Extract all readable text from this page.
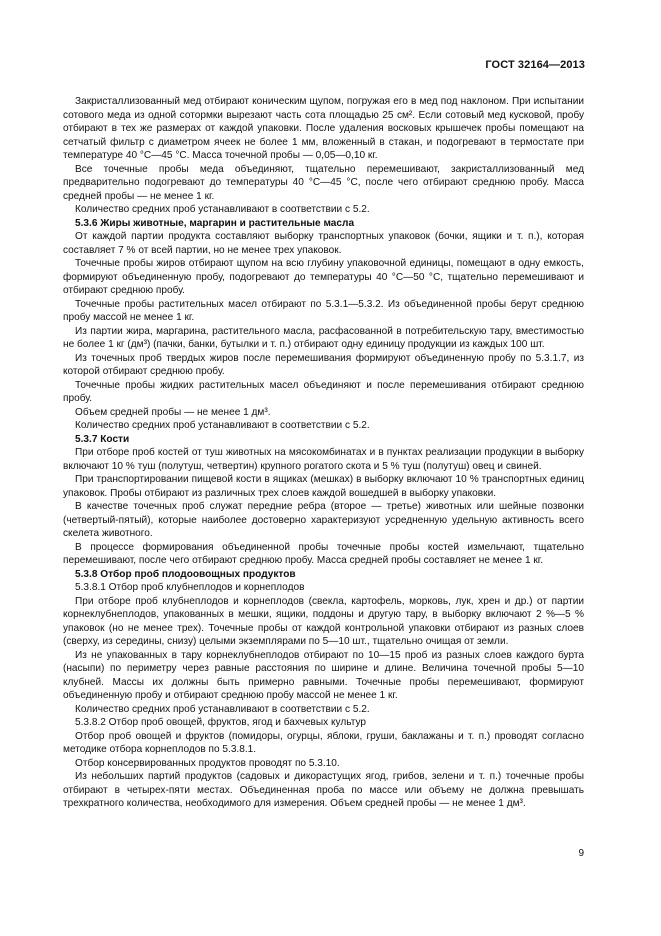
ГОСТ 32164—2013

Закристаллизованный мед отбирают коническим щупом, погружая его в мед под наклоном. При испытании сотового меда из одной сотормки вырезают часть сота площадью 25 см². Если сотовый мед кусковой, пробу отбирают в тех же размерах от каждой упаковки. После удаления восковых крышечек пробы помещают на сетчатый фильтр с диаметром ячеек не более 1 мм, вложенный в стакан, и подогревают в термостате при температуре 40 °С—45 °С. Масса точечной пробы — 0,05—0,10 кг.

Все точечные пробы меда объединяют, тщательно перемешивают, закристаллизованный мед предварительно подогревают до температуры 40 °С—45 °С, после чего отбирают среднюю пробу. Масса средней пробы — не менее 1 кг.

Количество средних проб устанавливают в соответствии с 5.2.

5.3.6 Жиры животные, маргарин и растительные масла

От каждой партии продукта составляют выборку транспортных упаковок (бочки, ящики и т. п.), которая составляет 7 % от всей партии, но не менее трех упаковок.

Точечные пробы жиров отбирают щупом на всю глубину упаковочной единицы, помещают в одну емкость, формируют объединенную пробу, подогревают до температуры 40 °С—50 °С, тщательно перемешивают и отбирают среднюю пробу.

Точечные пробы растительных масел отбирают по 5.3.1—5.3.2. Из объединенной пробы берут среднюю пробу массой не менее 1 кг.

Из партии жира, маргарина, растительного масла, расфасованной в потребительскую тару, вместимостью не более 1 кг (дм³) (пачки, банки, бутылки и т. п.) отбирают одну единицу продукции из каждых 100 шт.

Из точечных проб твердых жиров после перемешивания формируют объединенную пробу по 5.3.1.7, из которой отбирают среднюю пробу.

Точечные пробы жидких растительных масел объединяют и после перемешивания отбирают среднюю пробу.

Объем средней пробы — не менее 1 дм³.

Количество средних проб устанавливают в соответствии с 5.2.

5.3.7 Кости

При отборе проб костей от туш животных на мясокомбинатах и в пунктах реализации продукции в выборку включают 10 % туш (полутуш, четвертин) крупного рогатого скота и 5 % туш (полутуш) овец и свиней.

При транспортировании пищевой кости в ящиках (мешках) в выборку включают 10 % транспортных единиц упаковок. Пробы отбирают из различных трех слоев каждой вошедшей в выборку упаковки.

В качестве точечных проб служат передние ребра (второе — третье) животных или шейные позвонки (четвертый-пятый), которые наиболее достоверно характеризуют усредненную удельную активность всего скелета животного.

В процессе формирования объединенной пробы точечные пробы костей измельчают, тщательно перемешивают, после чего отбирают среднюю пробу. Масса средней пробы составляет не менее 1 кг.

5.3.8 Отбор проб плодоовощных продуктов

5.3.8.1 Отбор проб клубнеплодов и корнеплодов

При отборе проб клубнеплодов и корнеплодов (свекла, картофель, морковь, лук, хрен и др.) от партии корнеклубнеплодов, упакованных в мешки, ящики, поддоны и другую тару, в выборку включают 2 %—5 % упаковок (но не менее трех). Точечные пробы от каждой контрольной упаковки отбирают из разных слоев (сверху, из середины, снизу) целыми экземплярами по 5—10 шт., тщательно очищая от земли.

Из не упакованных в тару корнеклубнеплодов отбирают по 10—15 проб из разных слоев каждого бурта (насыпи) по периметру через равные расстояния по ширине и длине. Величина точечной пробы 5—10 клубней. Массы их должны быть примерно равными. Точечные пробы перемешивают, формируют объединенную пробу и отбирают среднюю пробу массой не менее 1 кг.

Количество средних проб устанавливают в соответствии с 5.2.

5.3.8.2 Отбор проб овощей, фруктов, ягод и бахчевых культур

Отбор проб овощей и фруктов (помидоры, огурцы, яблоки, груши, баклажаны и т. п.) проводят согласно методике отбора корнеплодов по 5.3.8.1.

Отбор консервированных продуктов проводят по 5.3.10.

Из небольших партий продуктов (садовых и дикорастущих ягод, грибов, зелени и т. п.) точечные пробы отбирают в четырех-пяти местах. Объединенная проба по массе или объему не должна превышать трехкратного количества, необходимого для измерения. Объем средней пробы — не менее 1 дм³.

9
